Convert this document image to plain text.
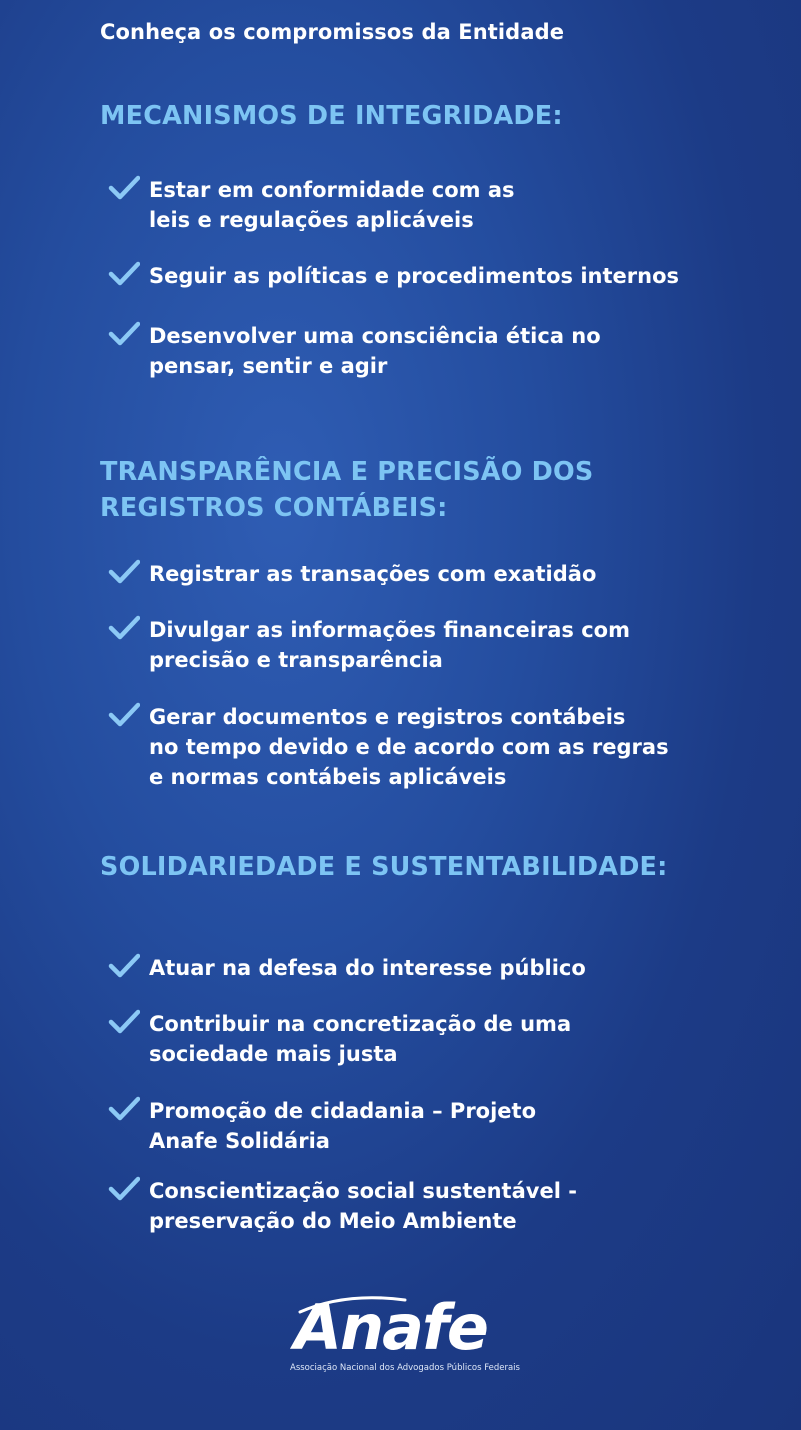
Conheça os compromissos da Entidade
MECANISMOS DE INTEGRIDADE:
Estar em conformidade com as
leis e regulações aplicáveis
Seguir as políticas e procedimentos internos
Desenvolver uma consciência ética no
pensar, sentir e agir
TRANSPARÊNCIA E PRECISÃO DOS
REGISTROS CONTÁBEIS:
Registrar as transações com exatidão
Divulgar as informações financeiras com
precisão e transparência
Gerar documentos e registros contábeis
no tempo devido e de acordo com as regras
e normas contábeis aplicáveis
SOLIDARIEDADE E SUSTENTABILIDADE:
Atuar na defesa do interesse público
Contribuir na concretização de uma
sociedade mais justa
Promoção de cidadania – Projeto
Anafe Solidária
Conscientização social sustentável -
preservação do Meio Ambiente
Anafe
Associação Nacional dos Advogados Públicos Federais
